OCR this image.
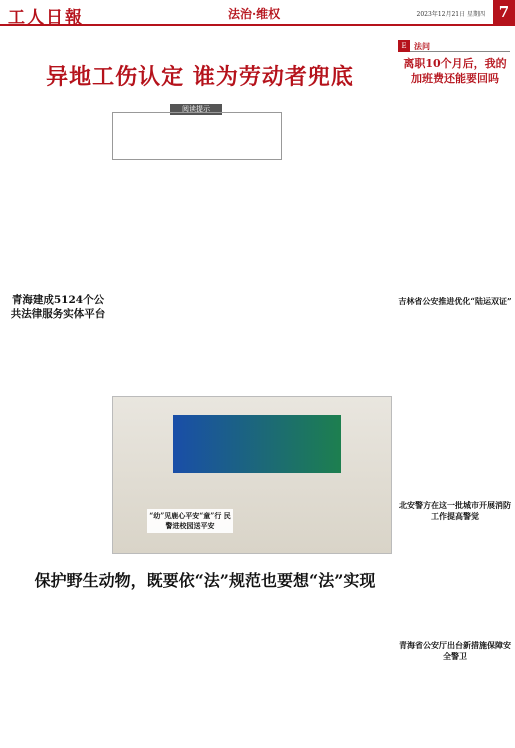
工人日報	法治·维权	2023年12月21日 星期四 7
异地工伤认定 谁为劳动者兜底
阅读提示
青海建成5124个公共法律服务实体平台
“幼”见鹿心平安“童”行 民警进校园送平安
保护野生动物，既要依“法”规范也要想“法”实现
E 法问
离职10个月后，我的加班费还能要回吗
吉林省公安推进优化“陆运双证”
北安警方在这一批城市开展消防工作提高警觉
青海省公安厅出台新措施保障安全警卫
